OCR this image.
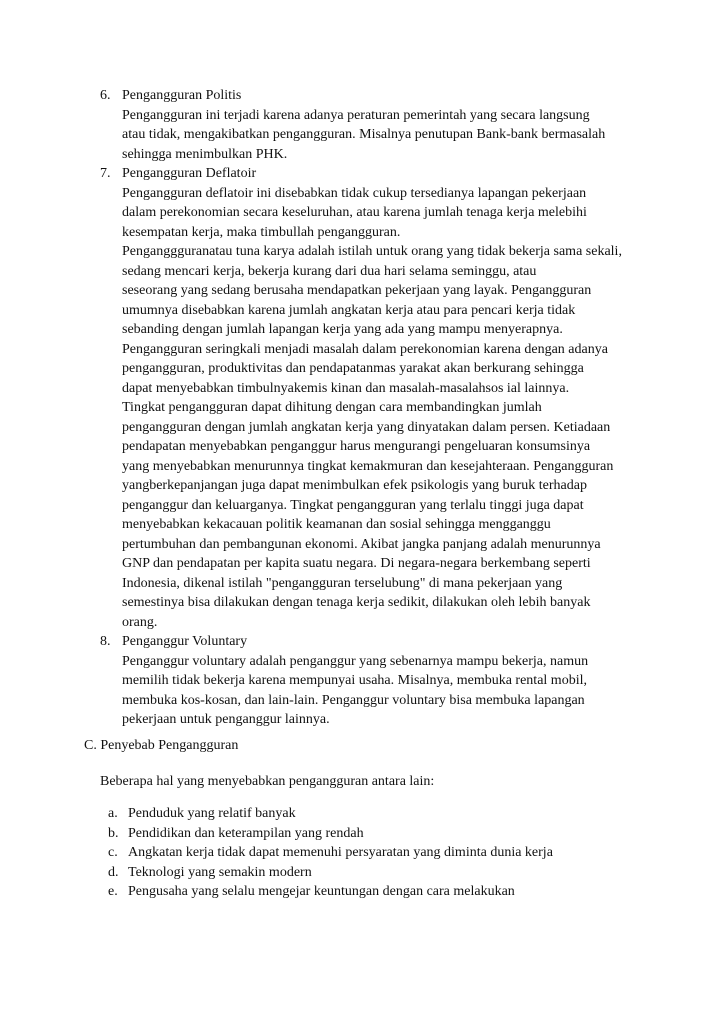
6. Pengangguran Politis
Pengangguran ini terjadi karena adanya peraturan pemerintah yang secara langsung
atau tidak, mengakibatkan pengangguran. Misalnya penutupan Bank-bank bermasalah
sehingga menimbulkan PHK.
7. Pengangguran Deflatoir
Pengangguran deflatoir ini disebabkan tidak cukup tersedianya lapangan pekerjaan
dalam perekonomian secara keseluruhan, atau karena jumlah tenaga kerja melebihi
kesempatan kerja, maka timbullah pengangguran.
Penganggguranatau tuna karya adalah istilah untuk orang yang tidak bekerja sama sekali,
sedang mencari kerja, bekerja kurang dari dua hari selama seminggu, atau
seseorang yang sedang berusaha mendapatkan pekerjaan yang layak. Pengangguran
umumnya disebabkan karena jumlah angkatan kerja atau para pencari kerja tidak
sebanding dengan jumlah lapangan kerja yang ada yang mampu menyerapnya.
Pengangguran seringkali menjadi masalah dalam perekonomian karena dengan adanya
pengangguran, produktivitas dan pendapatanmas yarakat akan berkurang sehingga
dapat menyebabkan timbulnyakemis kinan dan masalah-masalahsos ial lainnya.
Tingkat pengangguran dapat dihitung dengan cara membandingkan jumlah
pengangguran dengan jumlah angkatan kerja yang dinyatakan dalam persen. Ketiadaan
pendapatan menyebabkan penganggur harus mengurangi pengeluaran konsumsinya
yang menyebabkan menurunnya tingkat kemakmuran dan kesejahteraan. Pengangguran
yangberkepanjangan juga dapat menimbulkan efek psikologis yang buruk terhadap
penganggur dan keluarganya. Tingkat pengangguran yang terlalu tinggi juga dapat
menyebabkan kekacauan politik keamanan dan sosial sehingga mengganggu
pertumbuhan dan pembangunan ekonomi. Akibat jangka panjang adalah menurunnya
GNP dan pendapatan per kapita suatu negara. Di negara-negara berkembang seperti
Indonesia, dikenal istilah "pengangguran terselubung" di mana pekerjaan yang
semestinya bisa dilakukan dengan tenaga kerja sedikit, dilakukan oleh lebih banyak
orang.
8. Penganggur Voluntary
Penganggur voluntary adalah penganggur yang sebenarnya mampu bekerja, namun
memilih tidak bekerja karena mempunyai usaha. Misalnya, membuka rental mobil,
membuka kos-kosan, dan lain-lain. Penganggur voluntary bisa membuka lapangan
pekerjaan untuk penganggur lainnya.
C. Penyebab Pengangguran
Beberapa hal yang menyebabkan pengangguran antara lain:
a. Penduduk yang relatif banyak
b. Pendidikan dan keterampilan yang rendah
c. Angkatan kerja tidak dapat memenuhi persyaratan yang diminta dunia kerja
d. Teknologi yang semakin modern
e. Pengusaha yang selalu mengejar keuntungan dengan cara melakukan
